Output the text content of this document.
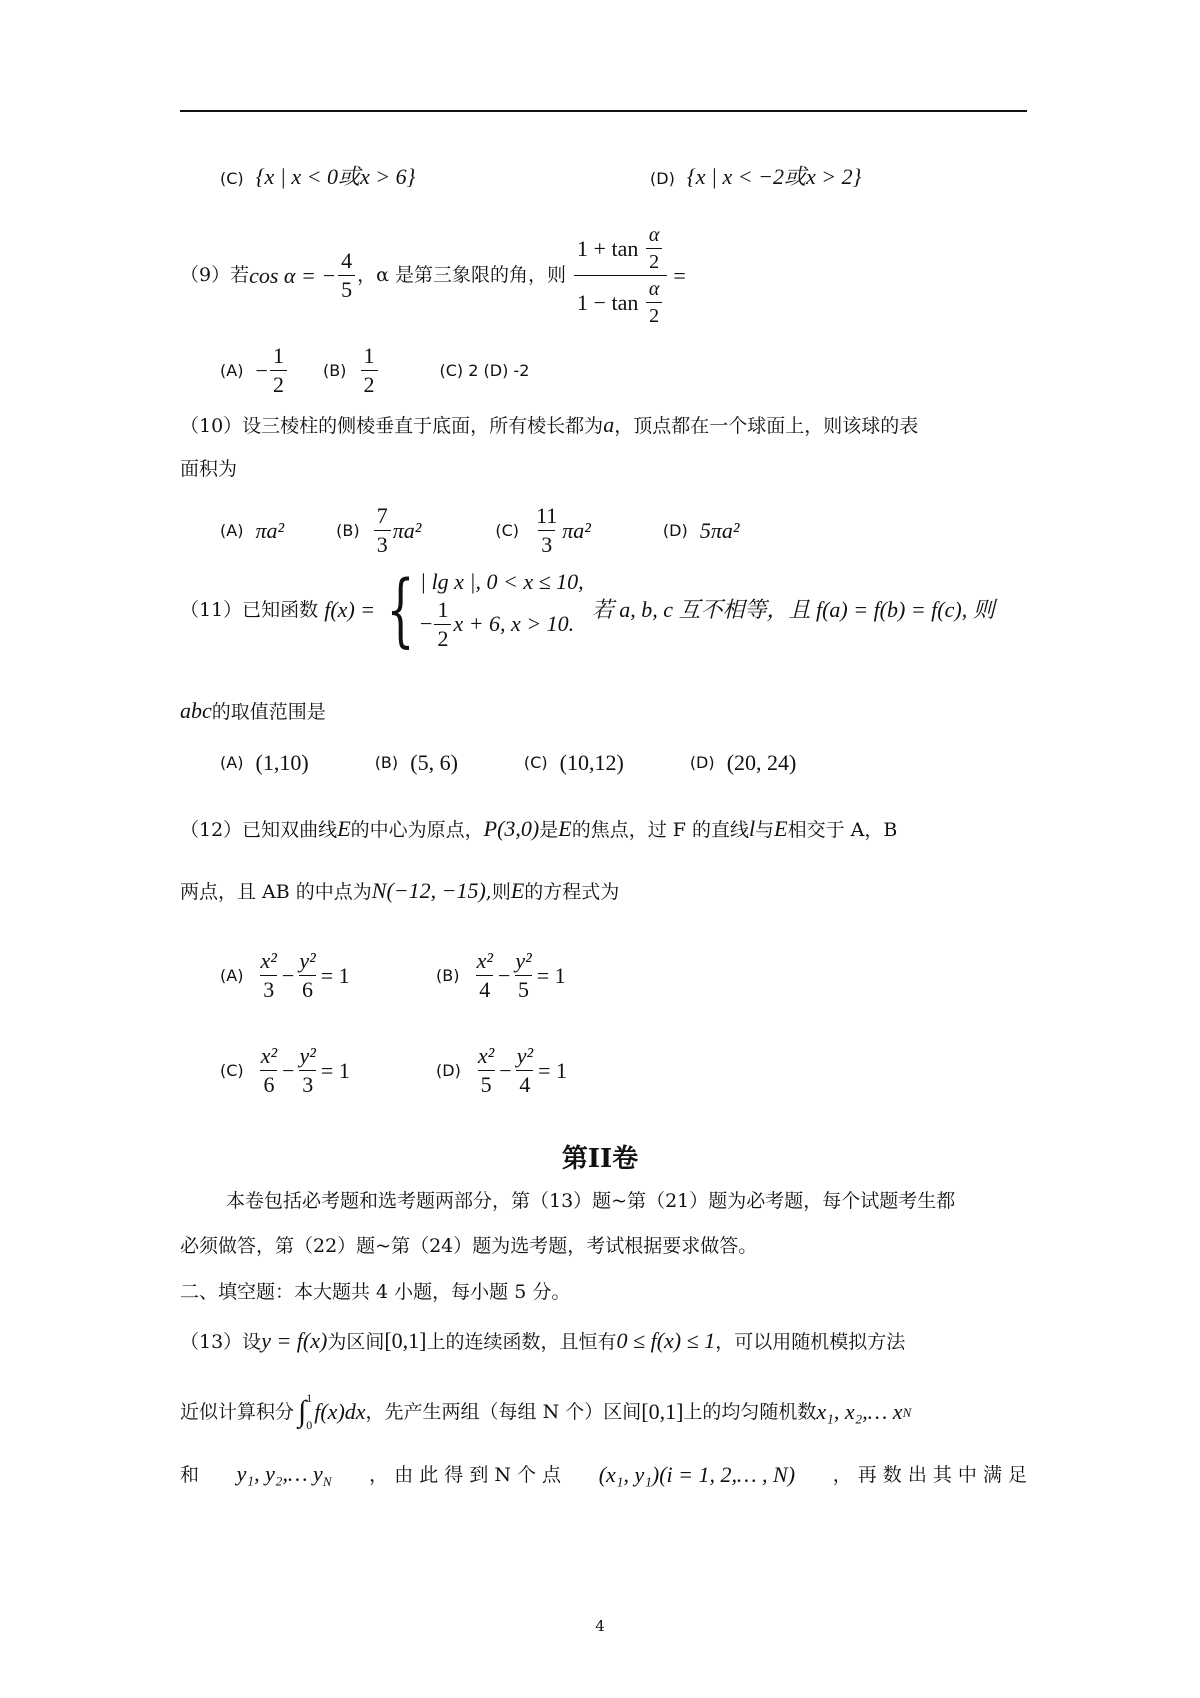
(C) {x | x < 0或x > 6}	(D) {x | x < −2或x > 2}
（9）若 cos α = − $\frac{4}{5}$ ，α 是第三象限的角，则 1 + tan
$\frac{\alpha}{2}$
1 − tan
$\frac{\alpha}{2}$ =
(A)
− $\frac{1}{2} (B)$
$\frac{1}{2}$	(C) 2 (D) -2
（10）设三棱柱的侧棱垂直于底面，所有棱长都为a，顶点都在一个球面上，则该球的表
面积为
(A)
πa²	(B)
$\frac{7}{3} \pi a^2$	(C)
$\frac{11}{3} \pi a^2$	(D)
5πa²
（11）已知函数
f(x) = { | lg x |, 0 < x ≤ 10,
− $\frac{1}{2}$ x + 6, x > 10.
若 a, b, c 互不相等，且 f(a) = f(b) = f(c), 则
abc的取值范围是
(A)
(1,10)	(B)
(5, 6)	(C)
(10,12)	(D)
(20, 24)
（12）已知双曲线E的中心为原点，P(3,0)是E的焦点，过 F 的直线l与E相交于 A，B
两点，且 AB 的中点为N(−12, −15),则E的方程式为
(A)
$\frac{\text{x²}}{3} - \frac{\text{y²}}{6} = 1$	(B)
$\frac{\text{x²}}{4} - \frac{\text{y²}}{5} = 1$
(C)
$\frac{\text{x²}}{6} - \frac{\text{y²}}{3} = 1$	(D)
$\frac{\text{x²}}{5} - \frac{\text{y²}}{4} = 1$
第II卷
本卷包括必考题和选考题两部分，第（13）题~第（21）题为必考题，每个试题考生都
必须做答，第（22）题~第（24）题为选考题，考试根据要求做答。
二、填空题：本大题共 4 小题，每小题 5 分。
（13）设y = f(x)为区间[0,1]上的连续函数，且恒有0 ≤ f(x) ≤ 1，可以用随机模拟方法
近似计算积分 ∫ 1
0
f(x)dx ，先产生两组（每组 N 个）区间 [0,1] 上的均匀随机数 x₁, x₂,… x N
和 y₁, y₂,… $y_N$ ， 由 此 得 到 N 个 点 (x₁, y₁)(i = 1, 2,… , N) ， 再 数 出 其 中 满 足
4
